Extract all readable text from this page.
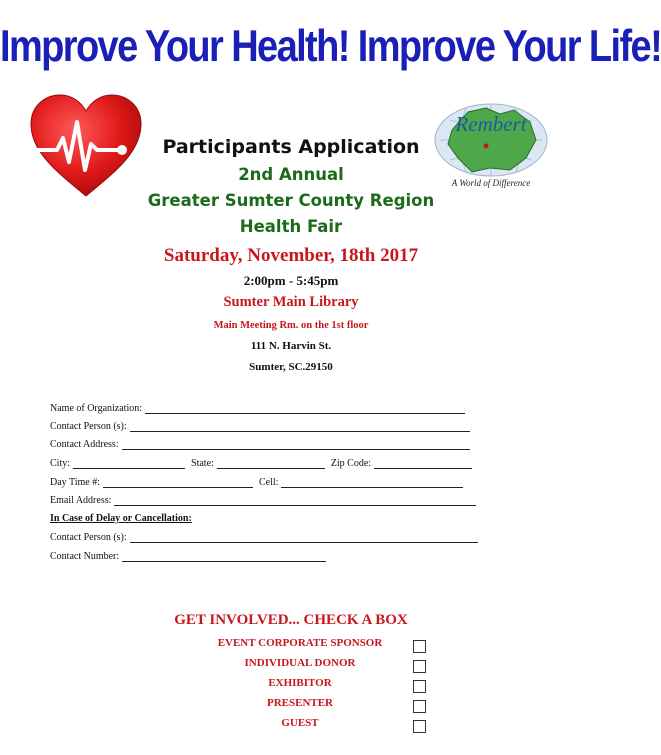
Improve Your Health! Improve Your Life!
Rembert
A World of Difference
Participants Application
2nd Annual
Greater Sumter County Region
Health Fair
Saturday, November, 18th 2017
2:00pm - 5:45pm
Sumter Main Library
Main Meeting Rm. on the 1st floor
111 N. Harvin St.
Sumter, SC.29150
Name of Organization:
Contact Person (s):
Contact Address:
City:	State:	Zip Code:
Day Time #:	Cell:
Email Address:
In Case of Delay or Cancellation:
Contact Person (s):
Contact Number:
GET INVOLVED... CHECK A BOX
EVENT CORPORATE SPONSOR
INDIVIDUAL DONOR
EXHIBITOR
PRESENTER
GUEST
